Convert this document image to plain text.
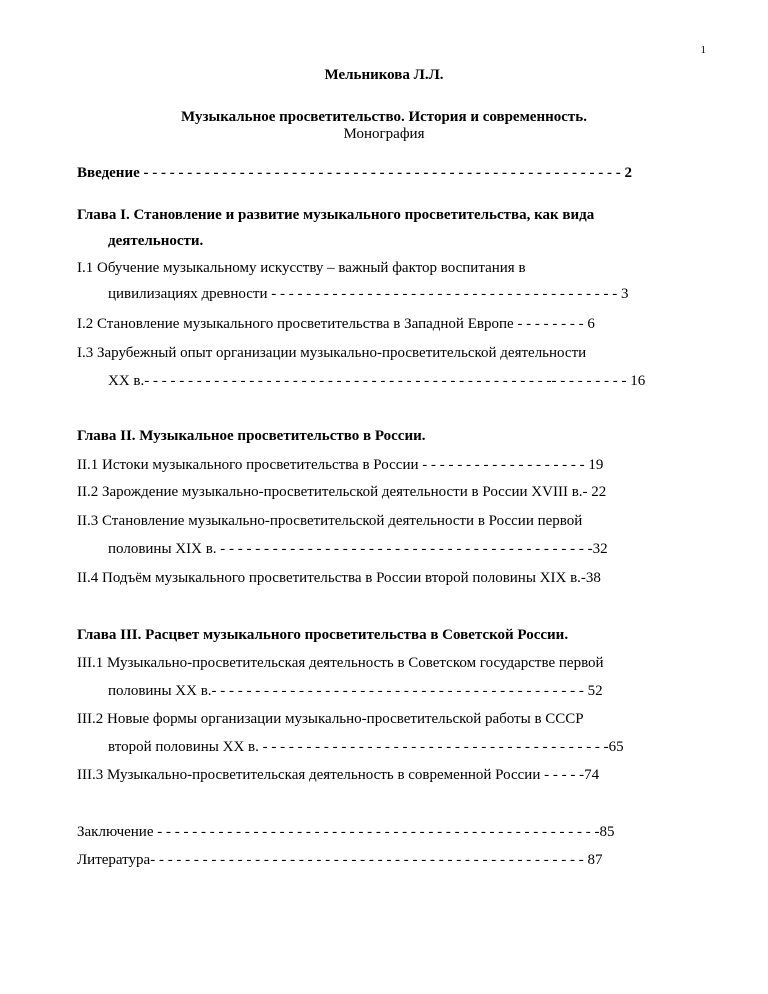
1
Мельникова Л.Л.
Музыкальное просветительство. История и современность.
Монография
Введение - - - - - - - - - - - - - - - - - - - - - - - - - - - - - - - - - - - - - - - - - - - - - - - - - - - - - - - 2
Глава I. Становление и развитие музыкального просветительства, как вида
деятельности.
I.1 Обучение музыкальному искусству – важный фактор воспитания в
цивилизациях древности - - - - - - - - - - - - - - - - - - - - - - - - - - - - - - - - - - - - - - - - 3
I.2 Становление музыкального просветительства в Западной Европе - - - - - - - - 6
I.3 Зарубежный опыт организации музыкально-просветительской деятельности
XX в.- - - - - - - - - - - - - - - - - - - - - - - - - - - - - - - - - - - - - - - - - - - - - - -- - - - - - - - - 16
Глава II. Музыкальное просветительство в России.
II.1 Истоки музыкального просветительства в России - - - - - - - - - - - - - - - - - - - 19
II.2 Зарождение музыкально-просветительской деятельности в России XVIII в.- 22
II.3 Становление музыкально-просветительской деятельности в России первой
половины XIX в. - - - - - - - - - - - - - - - - - - - - - - - - - - - - - - - - - - - - - - - - - - -32
II.4 Подъём музыкального просветительства в России второй половины XIX в.-38
Глава III. Расцвет музыкального просветительства в Советской России.
III.1 Музыкально-просветительская деятельность в Советском государстве первой
половины XX в.- - - - - - - - - - - - - - - - - - - - - - - - - - - - - - - - - - - - - - - - - - - 52
III.2 Новые формы организации музыкально-просветительской работы в СССР
второй половины XX в. - - - - - - - - - - - - - - - - - - - - - - - - - - - - - - - - - - - - - - - -65
III.3 Музыкально-просветительская деятельность в современной России - - - - -74
Заключение - - - - - - - - - - - - - - - - - - - - - - - - - - - - - - - - - - - - - - - - - - - - - - - - - - -85
Литература- - - - - - - - - - - - - - - - - - - - - - - - - - - - - - - - - - - - - - - - - - - - - - - - - - 87
